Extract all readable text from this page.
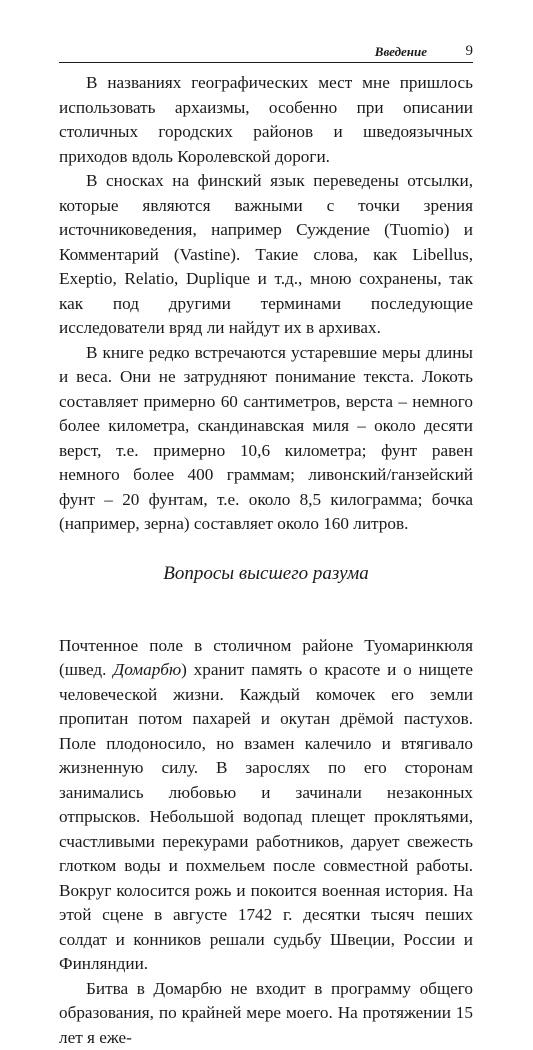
Введение	9

В названиях географических мест мне пришлось использовать архаизмы, особенно при описании столичных городских районов и шведоязычных приходов вдоль Королевской дороги.

В сносках на финский язык переведены отсылки, которые являются важными с точки зрения источниковедения, например Суждение (Tuomio) и Комментарий (Vastine). Такие слова, как Libellus, Exeptio, Relatio, Duplique и т.д., мною сохранены, так как под другими терминами последующие исследователи вряд ли найдут их в архивах.

В книге редко встречаются устаревшие меры длины и веса. Они не затрудняют понимание текста. Локоть составляет примерно 60 сантиметров, верста – немного более километра, скандинавская миля – около десяти верст, т.е. примерно 10,6 километра; фунт равен немного более 400 граммам; ливонский/ганзейский фунт – 20 фунтам, т.е. около 8,5 килограмма; бочка (например, зерна) составляет около 160 литров.

Вопросы высшего разума

Почтенное поле в столичном районе Туомаринкюля (швед. Домарбю) хранит память о красоте и о нищете человеческой жизни. Каждый комочек его земли пропитан потом пахарей и окутан дрёмой пастухов. Поле плодоносило, но взамен калечило и втягивало жизненную силу. В зарослях по его сторонам занимались любовью и зачинали незаконных отпрысков. Небольшой водопад плещет проклятьями, счастливыми перекурами работников, дарует свежесть глотком воды и похмельем после совместной работы. Вокруг колосится рожь и покоится военная история. На этой сцене в августе 1742 г. десятки тысяч пеших солдат и конников решали судьбу Швеции, России и Финляндии.

Битва в Домарбю не входит в программу общего образования, по крайней мере моего. На протяжении 15 лет я еже-
